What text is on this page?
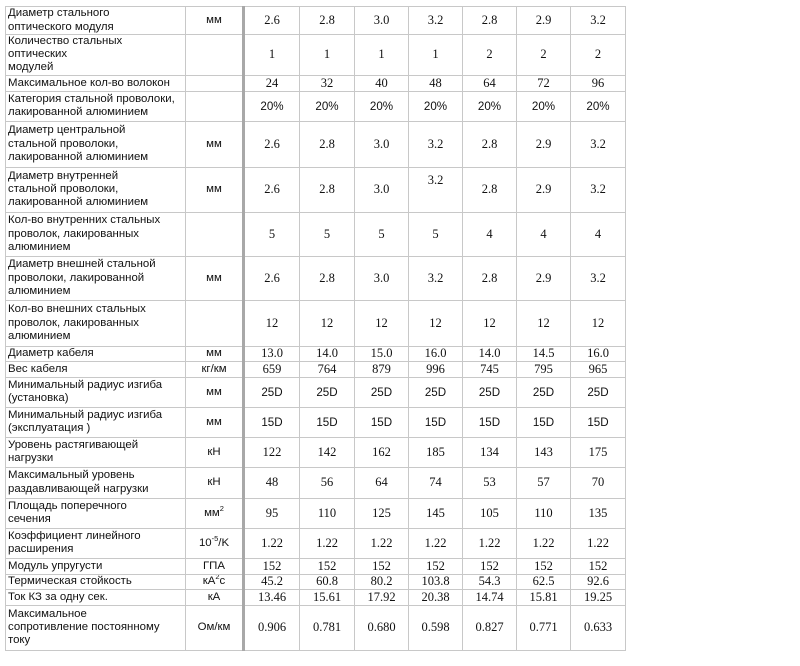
Диаметр стального
оптического модуля	мм	2.6	2.8	3.0	3.2	2.8	2.9	3.2
Количество стальных оптических
модулей		1	1	1	1	2	2	2
Максимальное кол-во волокон		24	32	40	48	64	72	96
Категория стальной проволоки,
лакированной алюминием		20%	20%	20%	20%	20%	20%	20%
Диаметр центральной
стальной проволоки,
лакированной алюминием	мм	2.6	2.8	3.0	3.2	2.8	2.9	3.2
Диаметр внутренней
стальной проволоки,
лакированной алюминием	мм	2.6	2.8	3.0	3.2	2.8	2.9	3.2
Кол-во внутренних стальных
проволок, лакированных
алюминием		5	5	5	5	4	4	4
Диаметр внешней стальной
проволоки, лакированной
алюминием	мм	2.6	2.8	3.0	3.2	2.8	2.9	3.2
Кол-во внешних стальных
проволок, лакированных
алюминием		12	12	12	12	12	12	12
Диаметр кабеля	мм	13.0	14.0	15.0	16.0	14.0	14.5	16.0
Вес кабеля	кг/км	659	764	879	996	745	795	965
Минимальный радиус изгиба
(установка)	мм	25D	25D	25D	25D	25D	25D	25D
Минимальный радиус изгиба
(эксплуатация )	мм	15D	15D	15D	15D	15D	15D	15D
Уровень растягивающей
нагрузки	кН	122	142	162	185	134	143	175
Максимальный уровень
раздавливающей нагрузки	кН	48	56	64	74	53	57	70
Площадь поперечного
сечения	$мм^2$	95	110	125	145	105	110	135
Коэффициент линейного
расширения	$10^{-5}/K$	1.22	1.22	1.22	1.22	1.22	1.22	1.22
Модуль упругусти	ГПА	152	152	152	152	152	152	152
Термическая стойкость	$кА^2с$	45.2	60.8	80.2	103.8	54.3	62.5	92.6
Ток КЗ за одну сек.	кА	13.46	15.61	17.92	20.38	14.74	15.81	19.25
Максимальное
сопротивление постоянному
току	Ом/км	0.906	0.781	0.680	0.598	0.827	0.771	0.633
